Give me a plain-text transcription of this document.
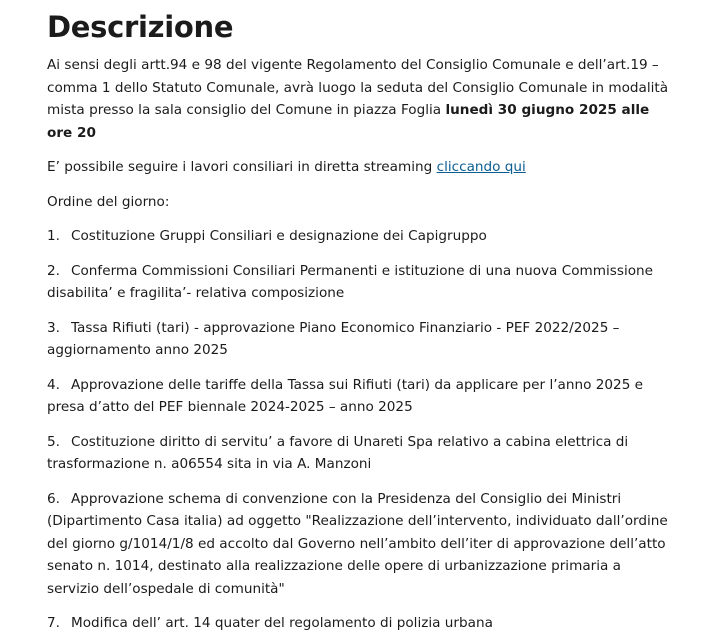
Descrizione

Ai sensi degli artt.94 e 98 del vigente Regolamento del Consiglio Comunale e dell’art.19 – comma 1 dello Statuto Comunale, avrà luogo la seduta del Consiglio Comunale in modalità mista presso la sala consiglio del Comune in piazza Foglia lunedì 30 giugno 2025 alle ore 20

E’ possibile seguire i lavori consiliari in diretta streaming cliccando qui

Ordine del giorno:

1. Costituzione Gruppi Consiliari e designazione dei Capigruppo

2. Conferma Commissioni Consiliari Permanenti e istituzione di una nuova Commissione disabilita’ e fragilita’- relativa composizione

3. Tassa Rifiuti (tari) - approvazione Piano Economico Finanziario - PEF 2022/2025 – aggiornamento anno 2025

4. Approvazione delle tariffe della Tassa sui Rifiuti (tari) da applicare per l’anno 2025 e presa d’atto del PEF biennale 2024-2025 – anno 2025

5. Costituzione diritto di servitu’ a favore di Unareti Spa relativo a cabina elettrica di trasformazione n. a06554 sita in via A. Manzoni

6. Approvazione schema di convenzione con la Presidenza del Consiglio dei Ministri (Dipartimento Casa italia) ad oggetto "Realizzazione dell’intervento, individuato dall’ordine del giorno g/1014/1/8 ed accolto dal Governo nell’ambito dell’iter di approvazione dell’atto senato n. 1014, destinato alla realizzazione delle opere di urbanizzazione primaria a servizio dell’ospedale di comunità"

7. Modifica dell’ art. 14 quater del regolamento di polizia urbana
